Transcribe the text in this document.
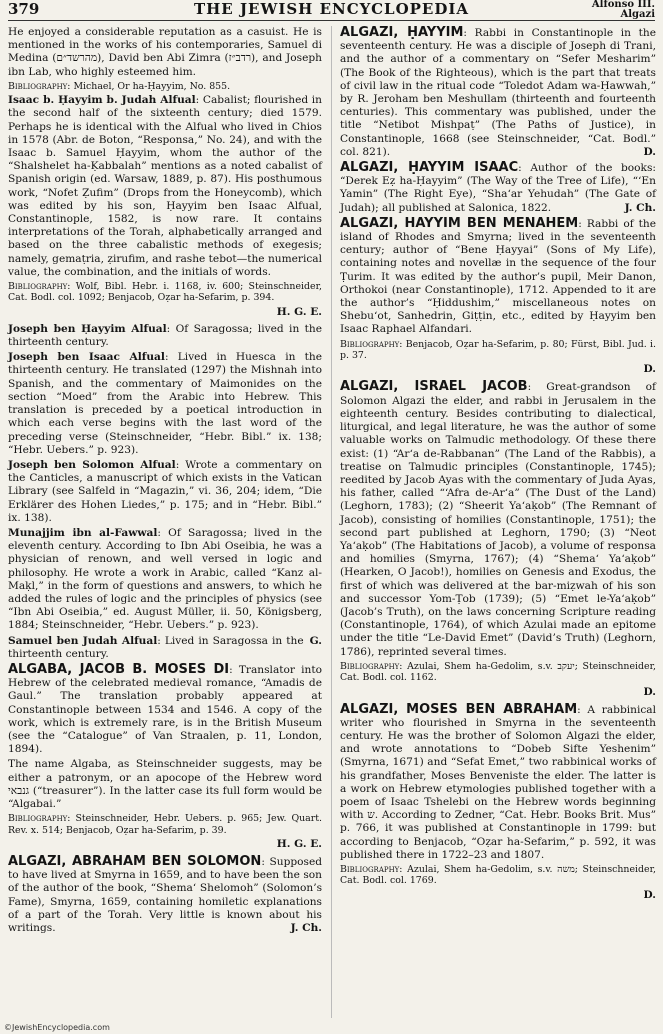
379	THE JEWISH ENCYCLOPEDIA	Alfonso III.
Algazi

He enjoyed a considerable reputation as a casuist. He is mentioned in the works of his contemporaries, Samuel di Medina (מהרשד״ם), David ben Abi Zimra (רדב״ז), and Joseph ibn Lab, who highly esteemed him.

Bibliography: Michael, Or ha-Ḥayyim, No. 855.

Isaac b. Ḥayyim b. Judah Alfual: Cabalist; flourished in the second half of the sixteenth century; died 1579. Perhaps he is identical with the Alfual who lived in Chios in 1578 (Abr. de Boton, “Responsa,” No. 24), and with the Isaac b. Samuel Ḥayyim, whom the author of the “Shalshelet ha-Ḳabbalah” mentions as a noted cabalist of Spanish origin (ed. Warsaw, 1889, p. 87). His posthumous work, “Nofet Ẓufim” (Drops from the Honeycomb), which was edited by his son, Ḥayyim ben Isaac Alfual, Constantinople, 1582, is now rare. It contains interpretations of the Torah, alphabetically arranged and based on the three cabalistic methods of exegesis; namely, gemaṭria, ẓirufim, and rashe tebot—the numerical value, the combination, and the initials of words.

Bibliography: Wolf, Bibl. Hebr. i. 1168, iv. 600; Steinschneider, Cat. Bodl. col. 1092; Benjacob, Oẓar ha-Sefarim, p. 394.

H. G. E.

Joseph ben Ḥayyim Alfual: Of Saragossa; lived in the thirteenth century.

Joseph ben Isaac Alfual: Lived in Huesca in the thirteenth century. He translated (1297) the Mishnah into Spanish, and the commentary of Maimonides on the section “Moed” from the Arabic into Hebrew. This translation is preceded by a poetical introduction in which each verse begins with the last word of the preceding verse (Steinschneider, “Hebr. Bibl.” ix. 138; “Hebr. Uebers.” p. 923).

Joseph ben Solomon Alfual: Wrote a commentary on the Canticles, a manuscript of which exists in the Vatican Library (see Salfeld in “Magazin,” vi. 36, 204; idem, “Die Erklärer des Hohen Liedes,” p. 175; and in “Hebr. Bibl.” ix. 138).

Munajjim ibn al-Fawwal: Of Saragossa; lived in the eleventh century. According to Ibn Abi Oseibia, he was a physician of renown, and well versed in logic and philosophy. He wrote a work in Arabic, called “Kanz al-Maḳl,” in the form of questions and answers, to which he added the rules of logic and the principles of physics (see “Ibn Abi Oseibia,” ed. August Müller, ii. 50, Königsberg, 1884; Steinschneider, “Hebr. Uebers.” p. 923).

G.
Samuel ben Judah Alfual: Lived in Saragossa in the thirteenth century.

ALGABA, JACOB B. MOSES DI: Translator into Hebrew of the celebrated medieval romance, “Amadis de Gaul.” The translation probably appeared at Constantinople between 1534 and 1546. A copy of the work, which is extremely rare, is in the British Museum (see the “Catalogue” of Van Straalen, p. 11, London, 1894).

The name Algaba, as Steinschneider suggests, may be either a patronym, or an apocope of the Hebrew word גנבאי (“treasurer”). In the latter case its full form would be “Algabai.”

Bibliography: Steinschneider, Hebr. Uebers. p. 965; Jew. Quart. Rev. x. 514; Benjacob, Oẓar ha-Sefarim, p. 39.

H. G. E.

ALGAZI, ABRAHAM BEN SOLOMON: Supposed to have lived at Smyrna in 1659, and to have been the son of the author of the book, “Shema‘ Shelomoh” (Solomon’s Fame), Smyrna, 1659, containing homiletic explanations of a part of the Torah. Very little is known about his writings.	J. Ch.

ALGAZI, ḤAYYIM: Rabbi in Constantinople in the seventeenth century. He was a disciple of Joseph di Trani, and the author of a commentary on “Sefer Mesharim” (The Book of the Righteous), which is the part that treats of civil law in the ritual code “Toledot Adam wa-Ḥawwah,” by R. Jeroham ben Meshullam (thirteenth and fourteenth centuries). This commentary was published, under the title “Netibot Mishpaṭ” (The Paths of Justice), in Constantinople, 1668 (see Steinschneider, “Cat. Bodl.” col. 821).	D.

ALGAZI, ḤAYYIM ISAAC: Author of the books: “Derek Eẓ ha-Ḥayyim” (The Way of the Tree of Life), “‘En Yamin” (The Right Eye), “Sha‘ar Yehudah” (The Gate of Judah); all published at Salonica, 1822.	J. Ch.

ALGAZI, HAYYIM BEN MENAHEM: Rabbi of the island of Rhodes and Smyrna; lived in the seventeenth century; author of “Bene Ḥayyai” (Sons of My Life), containing notes and novellæ in the sequence of the four Ṭurim. It was edited by the author’s pupil, Meir Danon, Orthokoi (near Constantinople), 1712. Appended to it are the author’s “Ḥiddushim,” miscellaneous notes on Shebu‘ot, Sanhedrin, Giṭṭin, etc., edited by Ḥayyim ben Isaac Raphael Alfandari.

Bibliography: Benjacob, Oẓar ha-Sefarim, p. 80; Fürst, Bibl. Jud. i. p. 37.

D.

ALGAZI, ISRAEL JACOB: Great-grandson of Solomon Algazi the elder, and rabbi in Jerusalem in the eighteenth century. Besides contributing to dialectical, liturgical, and legal literature, he was the author of some valuable works on Talmudic methodology. Of these there exist: (1) “Ar‘a de-Rabbanan” (The Land of the Rabbis), a treatise on Talmudic principles (Constantinople, 1745); reedited by Jacob Ayas with the commentary of Juda Ayas, his father, called “‘Afra de-Ar‘a” (The Dust of the Land) (Leghorn, 1783); (2) “Sheerit Ya‘aḳob” (The Remnant of Jacob), consisting of homilies (Constantinople, 1751); the second part published at Leghorn, 1790; (3) “Neot Ya‘aḳob” (The Habitations of Jacob), a volume of responsa and homilies (Smyrna, 1767); (4) “Shema‘ Ya‘aḳob” (Hearken, O Jacob!), homilies on Genesis and Exodus, the first of which was delivered at the bar-miẓwah of his son and successor Yom-Ṭob (1739); (5) “Emet le-Ya‘aḳob” (Jacob’s Truth), on the laws concerning Scripture reading (Constantinople, 1764), of which Azulai made an epitome under the title “Le-David Emet” (David’s Truth) (Leghorn, 1786), reprinted several times.

Bibliography: Azulai, Shem ha-Gedolim, s.v. יעקב; Steinschneider, Cat. Bodl. col. 1162.

D.

ALGAZI, MOSES BEN ABRAHAM: A rabbinical writer who flourished in Smyrna in the seventeenth century. He was the brother of Solomon Algazi the elder, and wrote annotations to “Dobeb Sifte Yeshenim” (Smyrna, 1671) and “Sefat Emet,” two rabbinical works of his grandfather, Moses Benveniste the elder. The latter is a work on Hebrew etymologies published together with a poem of Isaac Tshelebi on the Hebrew words beginning with ש. According to Zedner, “Cat. Hebr. Books Brit. Mus” p. 766, it was published at Constantinople in 1799: but according to Benjacob, “Oẓar ha-Sefarim,” p. 592, it was published there in 1722–23 and 1807.

Bibliography: Azulai, Shem ha-Gedolim, s.v. משה; Steinschneider, Cat. Bodl. col. 1769.

D.
©JewishEncyclopedia.com
